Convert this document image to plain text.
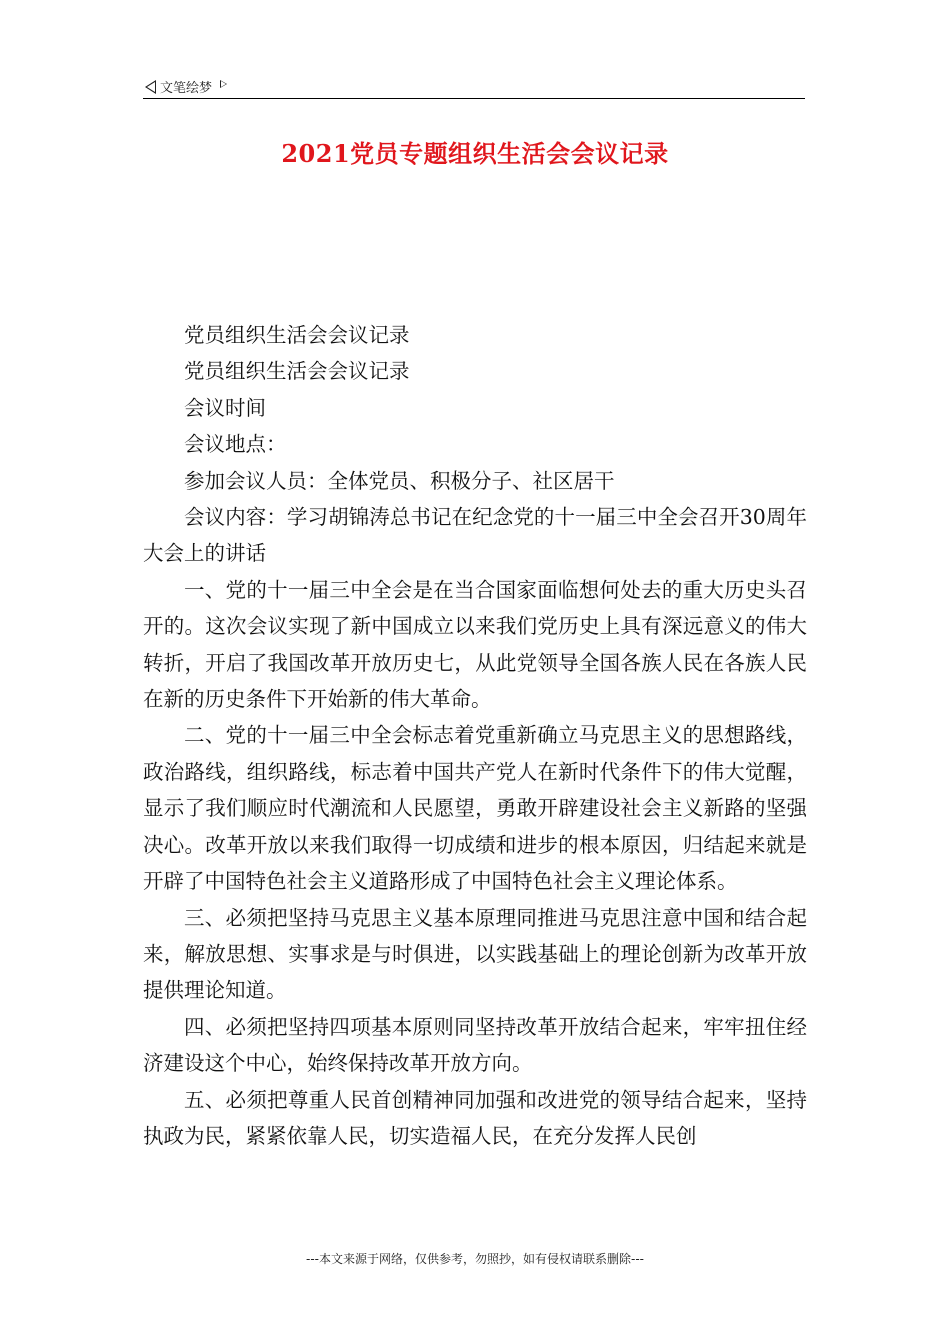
文笔绘梦
2021党员专题组织生活会会议记录

党员组织生活会会议记录

党员组织生活会会议记录

会议时间

会议地点：

参加会议人员：全体党员、积极分子、社区居干

会议内容：学习胡锦涛总书记在纪念党的十一届三中全会召开30周年大会上的讲话

一、党的十一届三中全会是在当合国家面临想何处去的重大历史头召开的。这次会议实现了新中国成立以来我们党历史上具有深远意义的伟大转折，开启了我国改革开放历史七，从此党领导全国各族人民在各族人民在新的历史条件下开始新的伟大革命。

二、党的十一届三中全会标志着党重新确立马克思主义的思想路线，政治路线，组织路线，标志着中国共产党人在新时代条件下的伟大觉醒，显示了我们顺应时代潮流和人民愿望，勇敢开辟建设社会主义新路的坚强决心。改革开放以来我们取得一切成绩和进步的根本原因，归结起来就是开辟了中国特色社会主义道路形成了中国特色社会主义理论体系。

三、必须把坚持马克思主义基本原理同推进马克思注意中国和结合起来，解放思想、实事求是与时俱进，以实践基础上的理论创新为改革开放提供理论知道。

四、必须把坚持四项基本原则同坚持改革开放结合起来，牢牢扭住经济建设这个中心，始终保持改革开放方向。

五、必须把尊重人民首创精神同加强和改进党的领导结合起来，坚持执政为民，紧紧依靠人民，切实造福人民，在充分发挥人民创

---本文来源于网络，仅供参考，勿照抄，如有侵权请联系删除---
